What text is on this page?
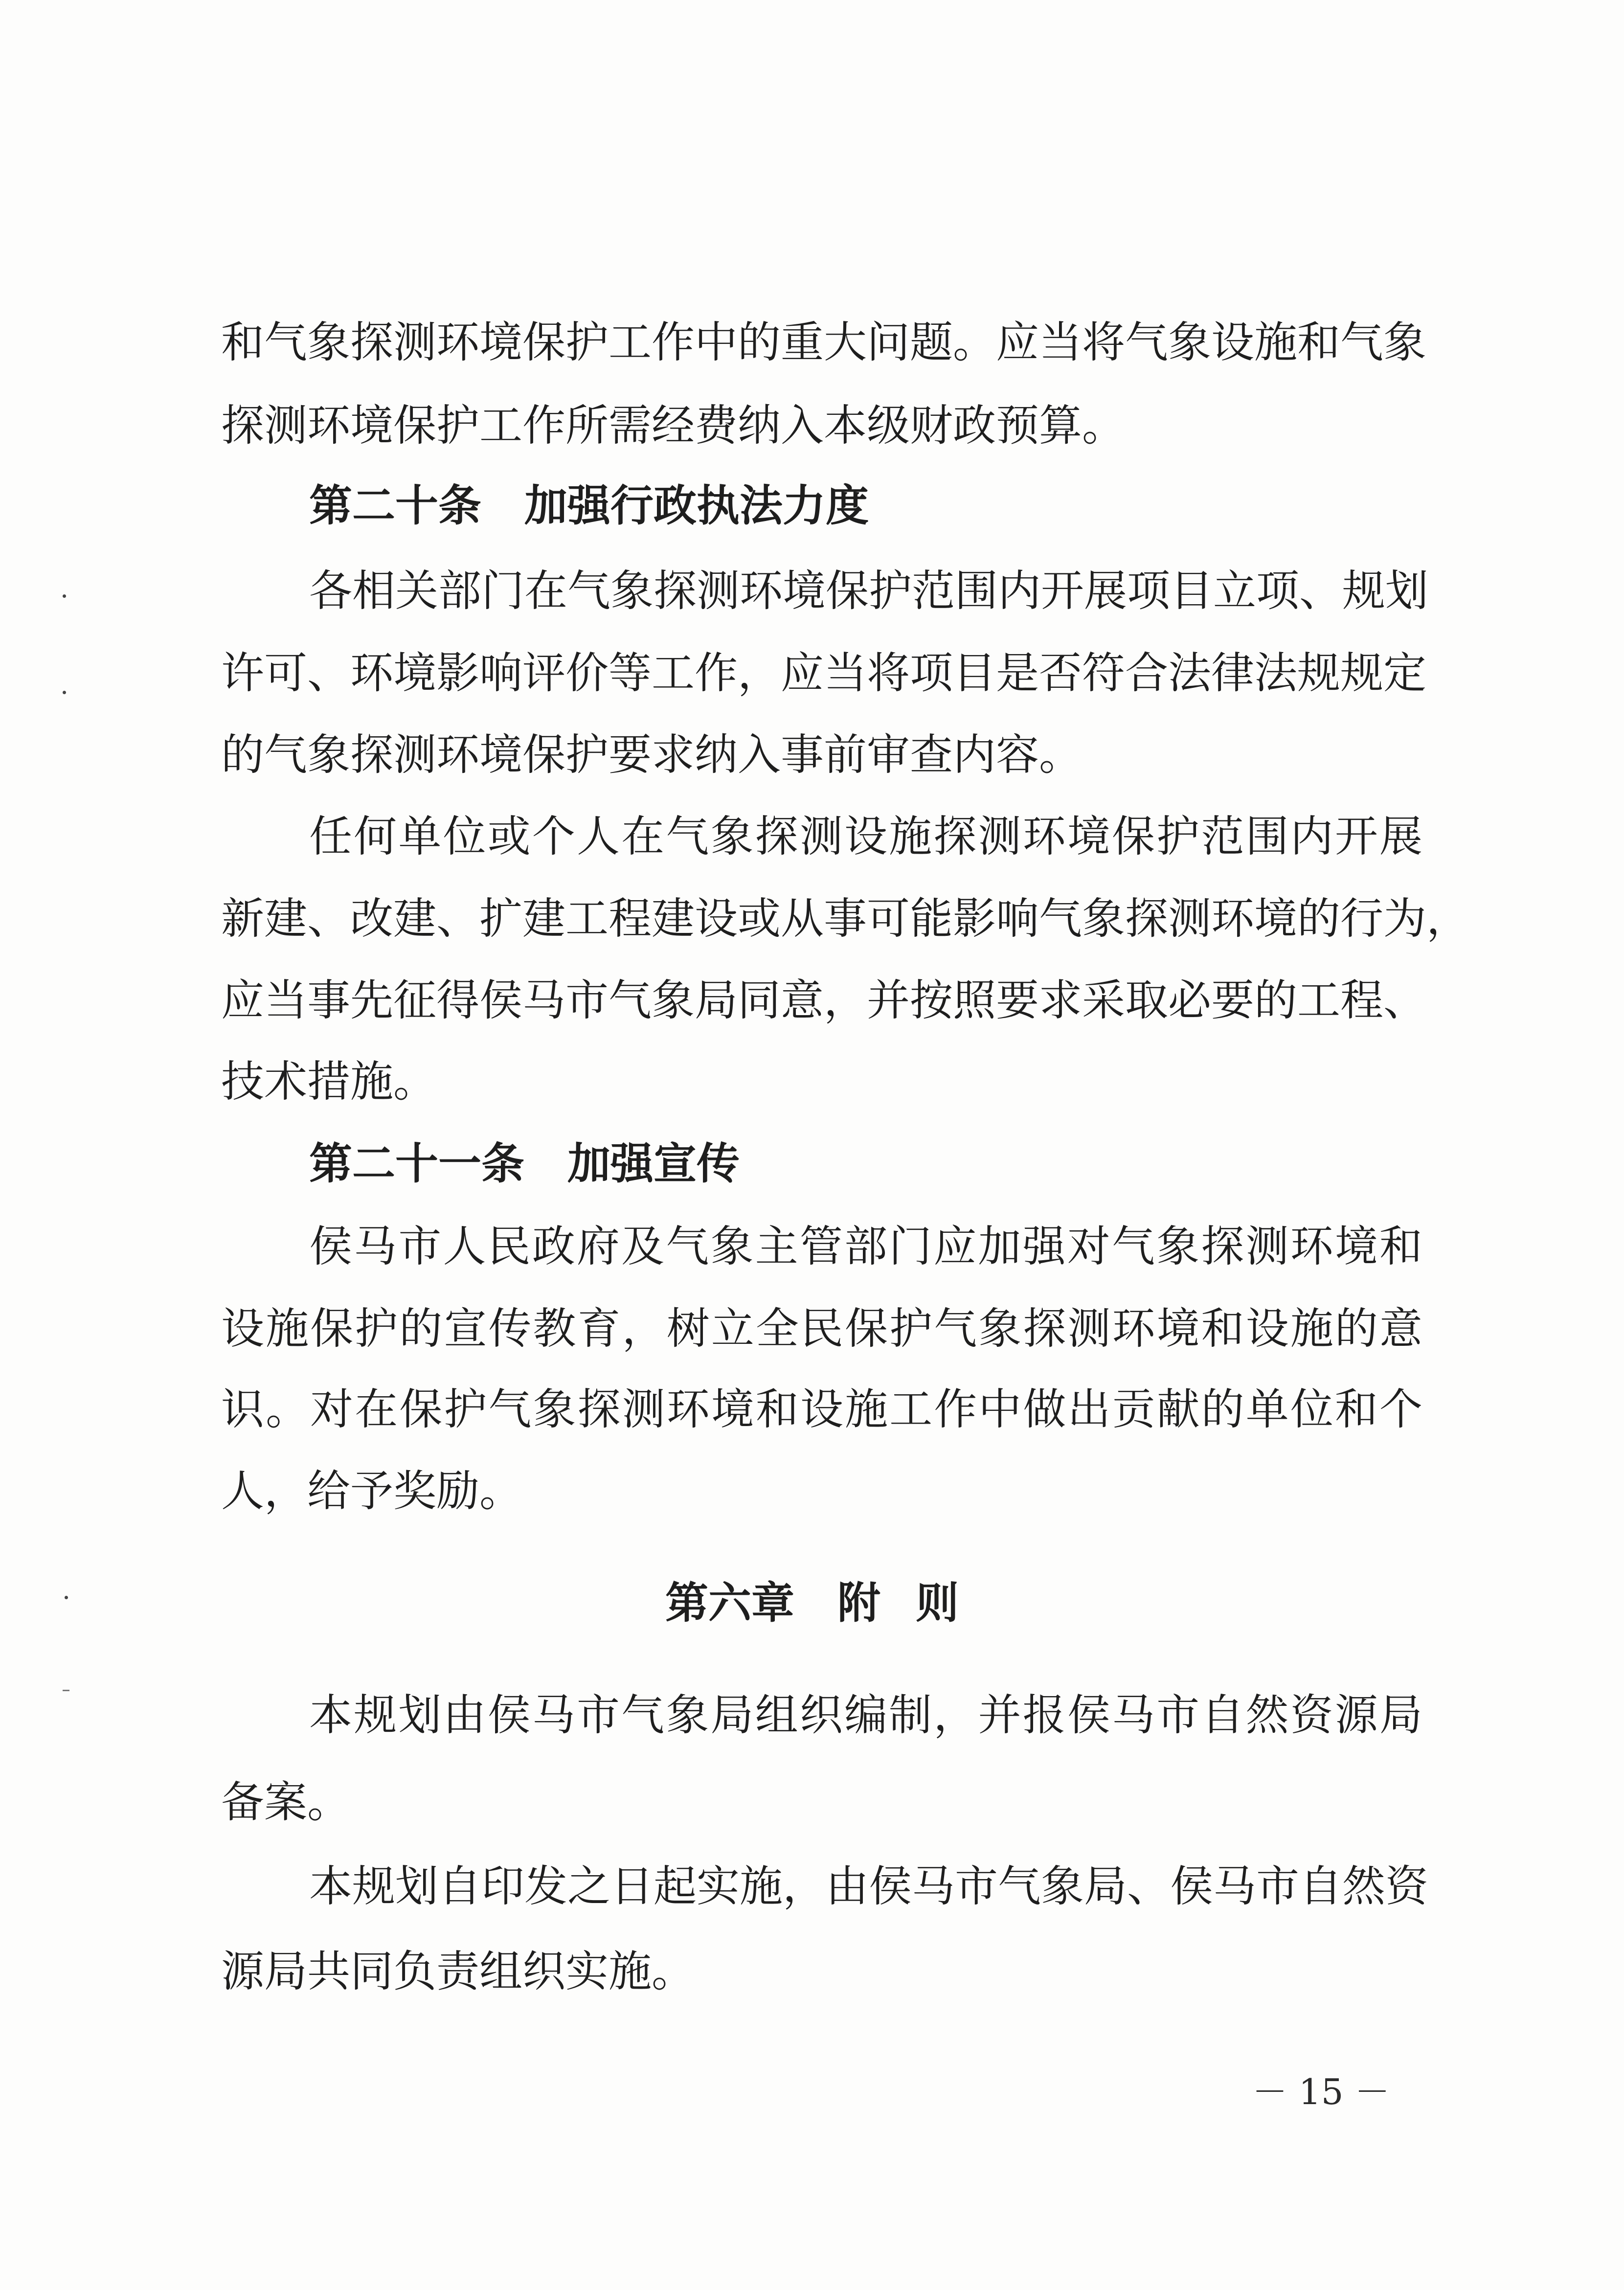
和气象探测环境保护工作中的重大问题。应当将气象设施和气象
探测环境保护工作所需经费纳入本级财政预算。
第二十条 加强行政执法力度
各相关部门在气象探测环境保护范围内开展项目立项、规划
许可、环境影响评价等工作，应当将项目是否符合法律法规规定
的气象探测环境保护要求纳入事前审查内容。
任何单位或个人在气象探测设施探测环境保护范围内开展
新建、改建、扩建工程建设或从事可能影响气象探测环境的行为，
应当事先征得侯马市气象局同意，并按照要求采取必要的工程、
技术措施。
第二十一条 加强宣传
侯马市人民政府及气象主管部门应加强对气象探测环境和
设施保护的宣传教育，树立全民保护气象探测环境和设施的意
识。对在保护气象探测环境和设施工作中做出贡献的单位和个
人，给予奖励。
第六章 附 则
本规划由侯马市气象局组织编制，并报侯马市自然资源局
备案。
本规划自印发之日起实施，由侯马市气象局、侯马市自然资
源局共同负责组织实施。
－ 15 －
